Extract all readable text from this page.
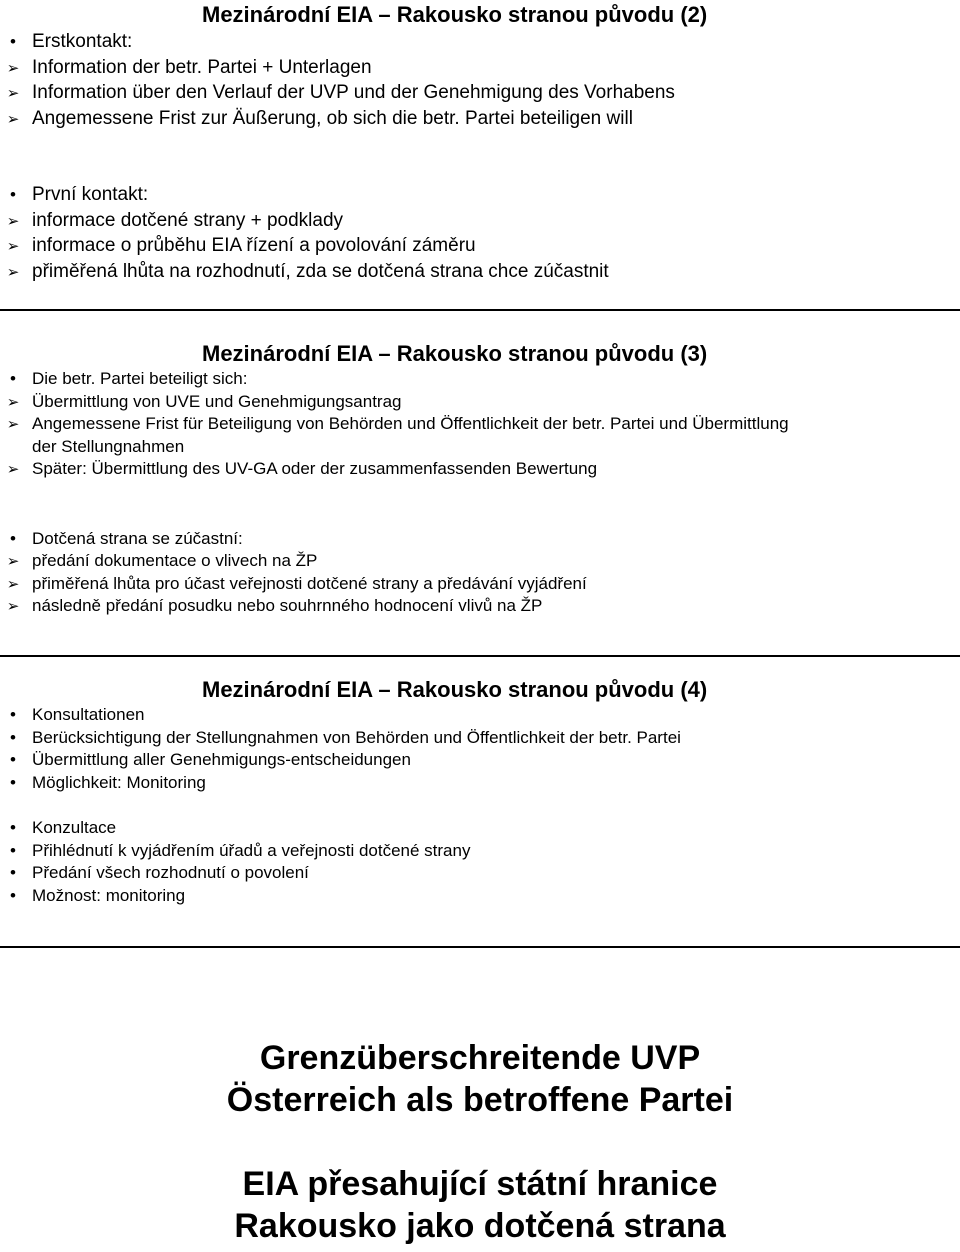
Mezinárodní EIA – Rakousko stranou původu (2)
•
Erstkontakt:
➢
Information der betr. Partei + Unterlagen
➢
Information über den Verlauf der UVP und der Genehmigung des Vorhabens
➢
Angemessene Frist zur Äußerung, ob sich die betr. Partei beteiligen will
•
První kontakt:
➢
informace dotčené strany + podklady
➢
informace o průběhu EIA řízení a povolování záměru
➢
přiměřená lhůta na rozhodnutí, zda se dotčená strana chce zúčastnit
Mezinárodní EIA – Rakousko stranou původu (3)
•
Die betr. Partei beteiligt sich:
➢
Übermittlung von UVE und Genehmigungsantrag
➢
Angemessene Frist für Beteiligung von Behörden und Öffentlichkeit der betr. Partei und Übermittlung
der Stellungnahmen
➢
Später: Übermittlung des UV-GA oder der zusammenfassenden Bewertung
•
Dotčená strana se zúčastní:
➢
předání dokumentace o vlivech na ŽP
➢
přiměřená lhůta pro účast veřejnosti dotčené strany a předávání vyjádření
➢
následně předání posudku nebo souhrnného hodnocení vlivů na ŽP
Mezinárodní EIA – Rakousko stranou původu (4)
•
Konsultationen
•
Berücksichtigung der Stellungnahmen von Behörden und Öffentlichkeit der betr. Partei
•
Übermittlung aller Genehmigungs-entscheidungen
•
Möglichkeit: Monitoring
•
Konzultace
•
Přihlédnutí k vyjádřením úřadů a veřejnosti dotčené strany
•
Předání všech rozhodnutí o povolení
•
Možnost: monitoring
Grenzüberschreitende UVP
Österreich als betroffene Partei
EIA přesahující státní hranice
Rakousko jako dotčená strana
